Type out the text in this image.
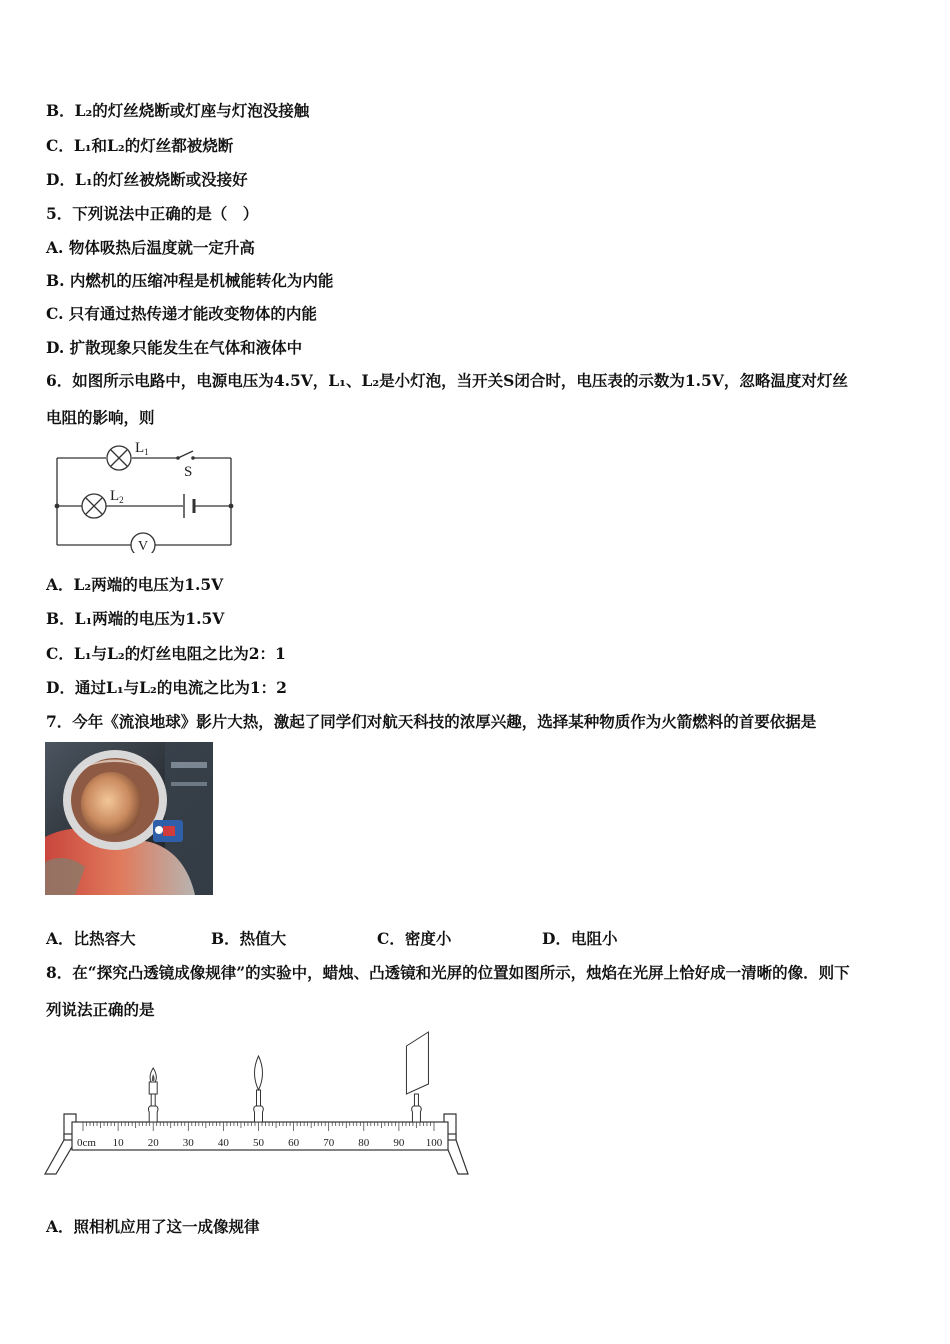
B．L₂的灯丝烧断或灯座与灯泡没接触
C．L₁和L₂的灯丝都被烧断
D．L₁的灯丝被烧断或没接好
5．下列说法中正确的是（　）
A. 物体吸热后温度就一定升高
B. 内燃机的压缩冲程是机械能转化为内能
C. 只有通过热传递才能改变物体的内能
D. 扩散现象只能发生在气体和液体中
6．如图所示电路中，电源电压为4.5V，L₁、L₂是小灯泡，当开关S闭合时，电压表的示数为1.5V，忽略温度对灯丝
电阻的影响，则
V
$L_1$
$L_2$
S
A．L₂两端的电压为1.5V
B．L₁两端的电压为1.5V
C．L₁与L₂的灯丝电阻之比为2：1
D．通过L₁与L₂的电流之比为1：2
7．今年《流浪地球》影片大热，激起了同学们对航天科技的浓厚兴趣，选择某种物质作为火箭燃料的首要依据是
A．比热容大	B．热值大	C．密度小	D．电阻小
8．在“探究凸透镜成像规律”的实验中，蜡烛、凸透镜和光屏的位置如图所示，烛焰在光屏上恰好成一清晰的像．则下
列说法正确的是
10 20 30 40 50 60 70 80 90 100
0cm
A．照相机应用了这一成像规律
